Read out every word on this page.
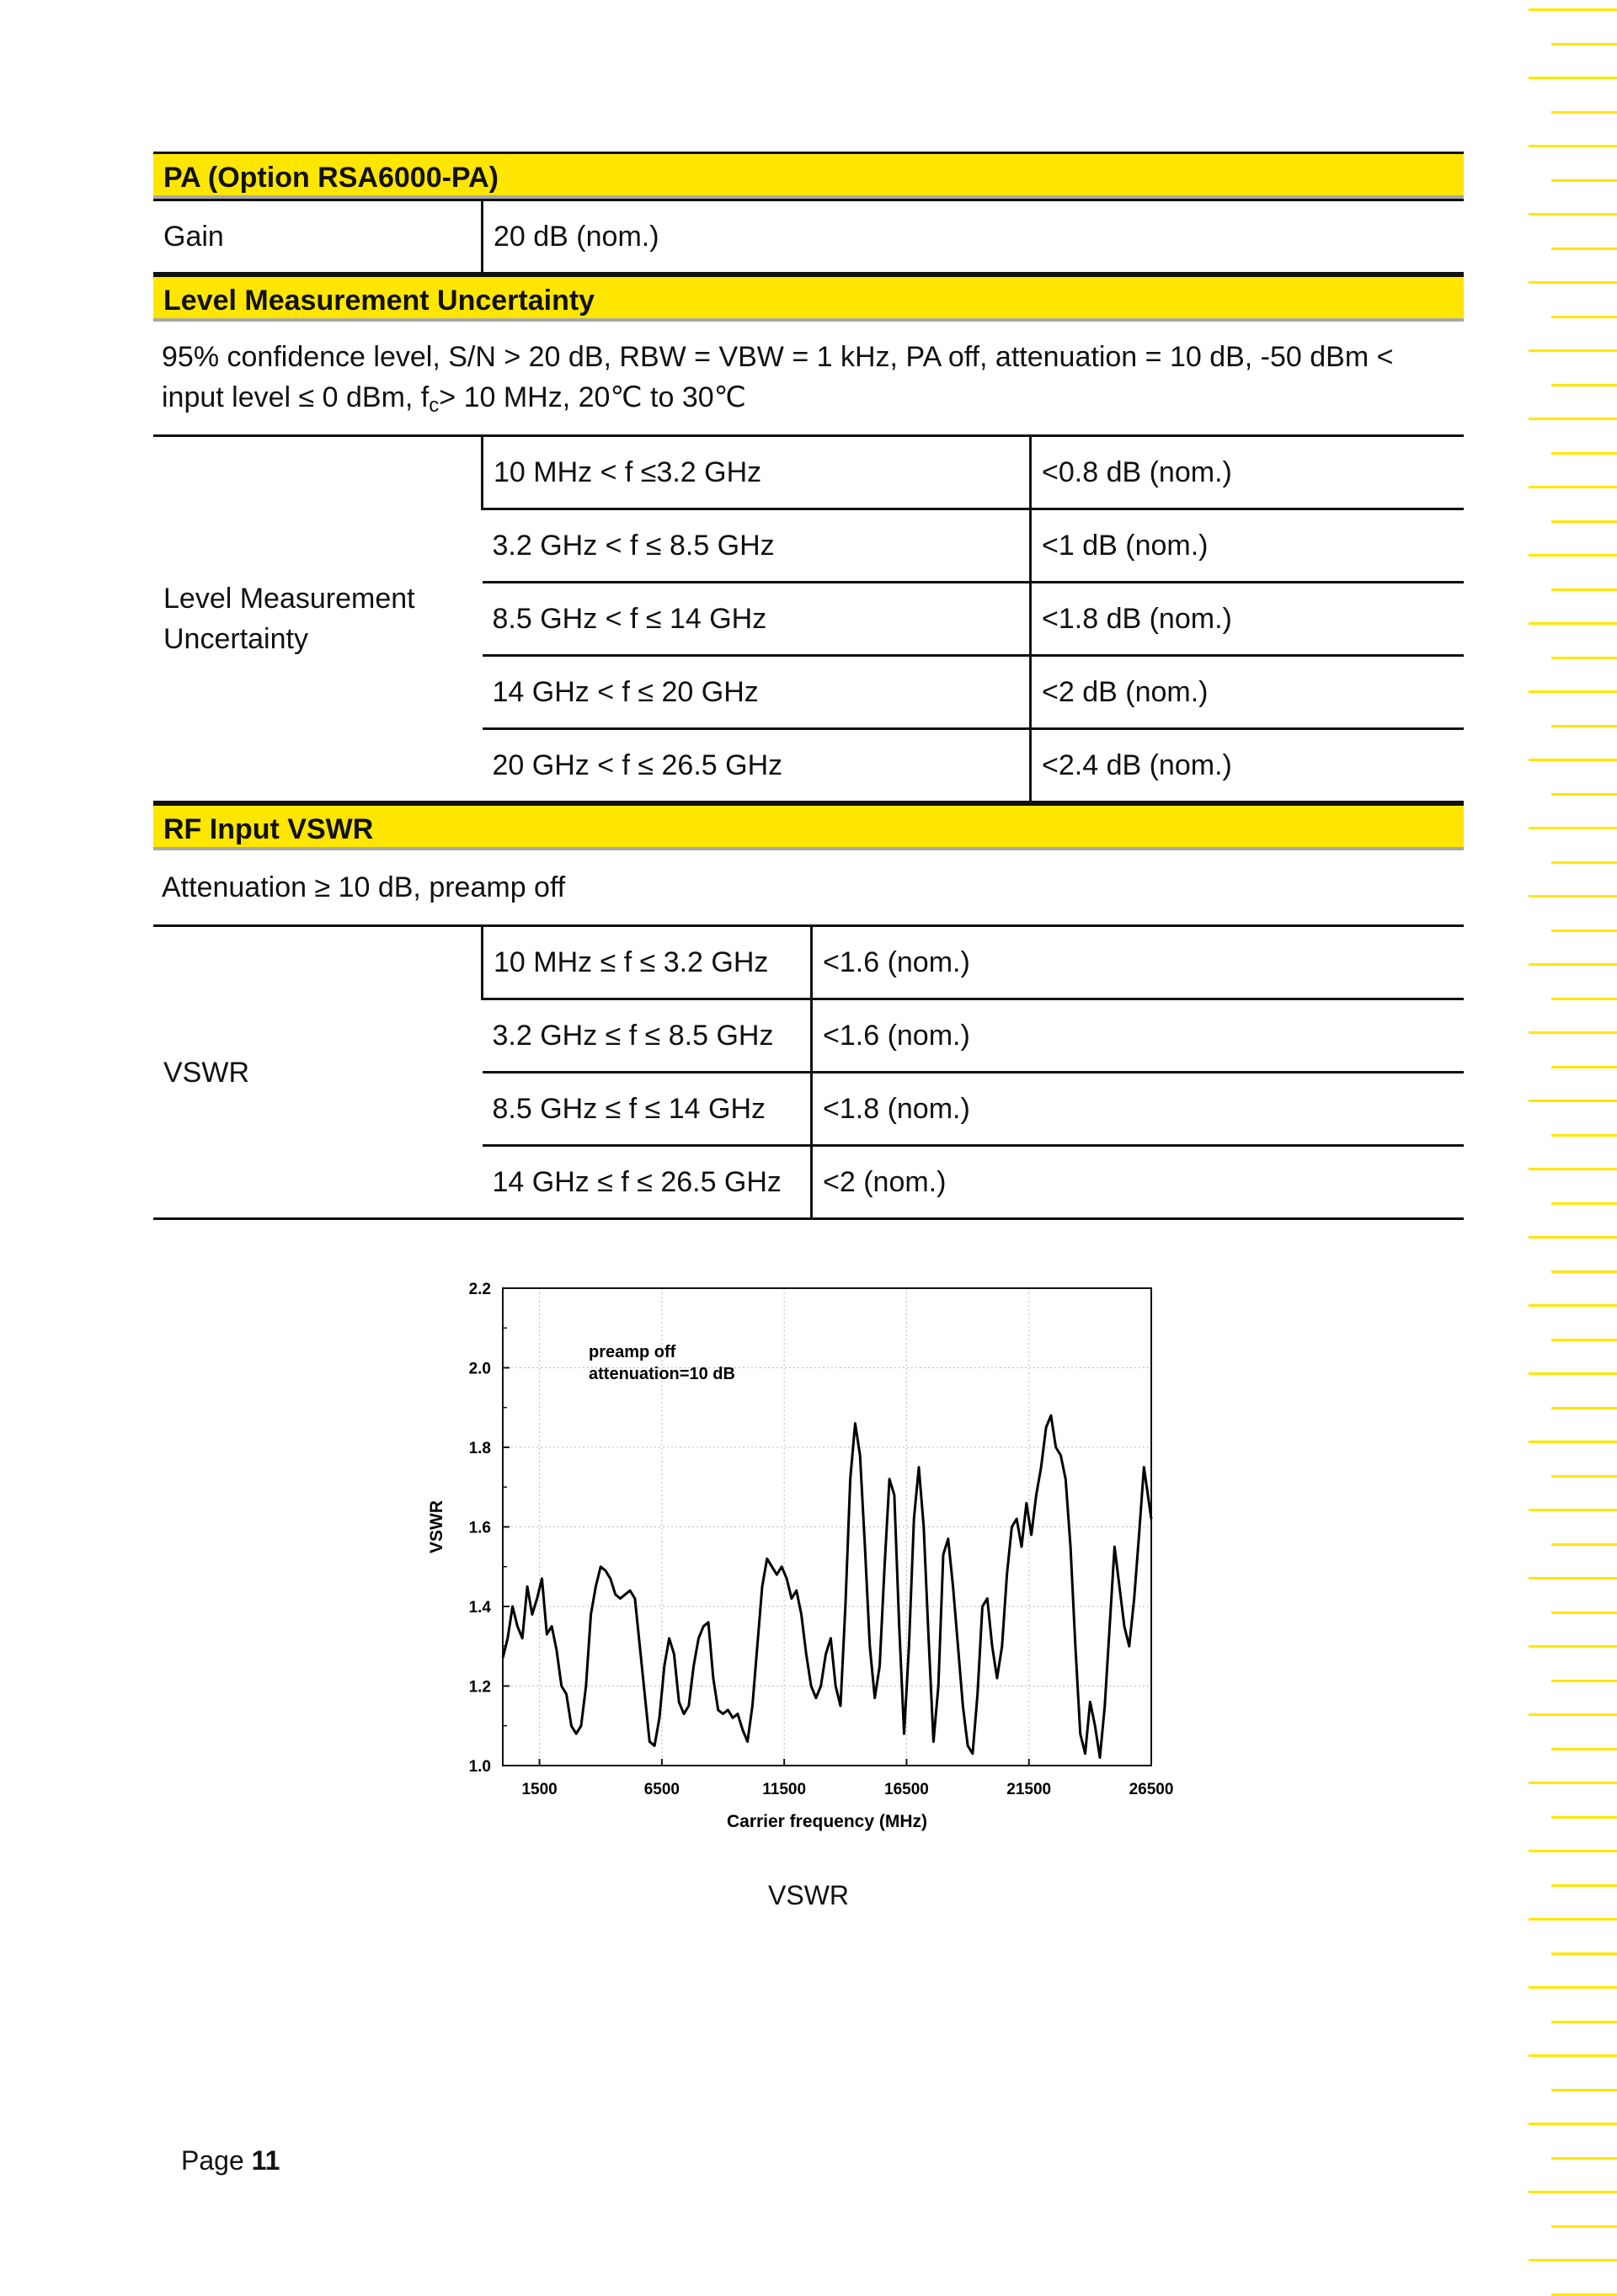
PA (Option RSA6000-PA)
Gain	20 dB (nom.)
Level Measurement Uncertainty
95% confidence level, S/N > 20 dB, RBW = VBW = 1 kHz, PA off, attenuation = 10 dB, -50 dBm <
input level ≤ 0 dBm, $f_c> 10$ MHz, 20℃ to 30℃
Level Measurement Uncertainty	10 MHz < f ≤3.2 GHz	<0.8 dB (nom.)
	3.2 GHz < f ≤ 8.5 GHz	<1 dB (nom.)
	8.5 GHz < f ≤ 14 GHz	<1.8 dB (nom.)
	14 GHz < f ≤ 20 GHz	<2 dB (nom.)
	20 GHz < f ≤ 26.5 GHz	<2.4 dB (nom.)
RF Input VSWR
Attenuation ≥ 10 dB, preamp off
VSWR	10 MHz ≤ f ≤ 3.2 GHz	<1.6 (nom.)
	3.2 GHz ≤ f ≤ 8.5 GHz	<1.6 (nom.)
	8.5 GHz ≤ f ≤ 14 GHz	<1.8 (nom.)
	14 GHz ≤ f ≤ 26.5 GHz	<2 (nom.)
1.0
1.2
1.4
1.6
1.8
2.0
2.2
1500	6500	11500	16500	21500	26500
Carrier frequency (MHz)
VSWR
preamp off
attenuation=10 dB
VSWR
Page 11
